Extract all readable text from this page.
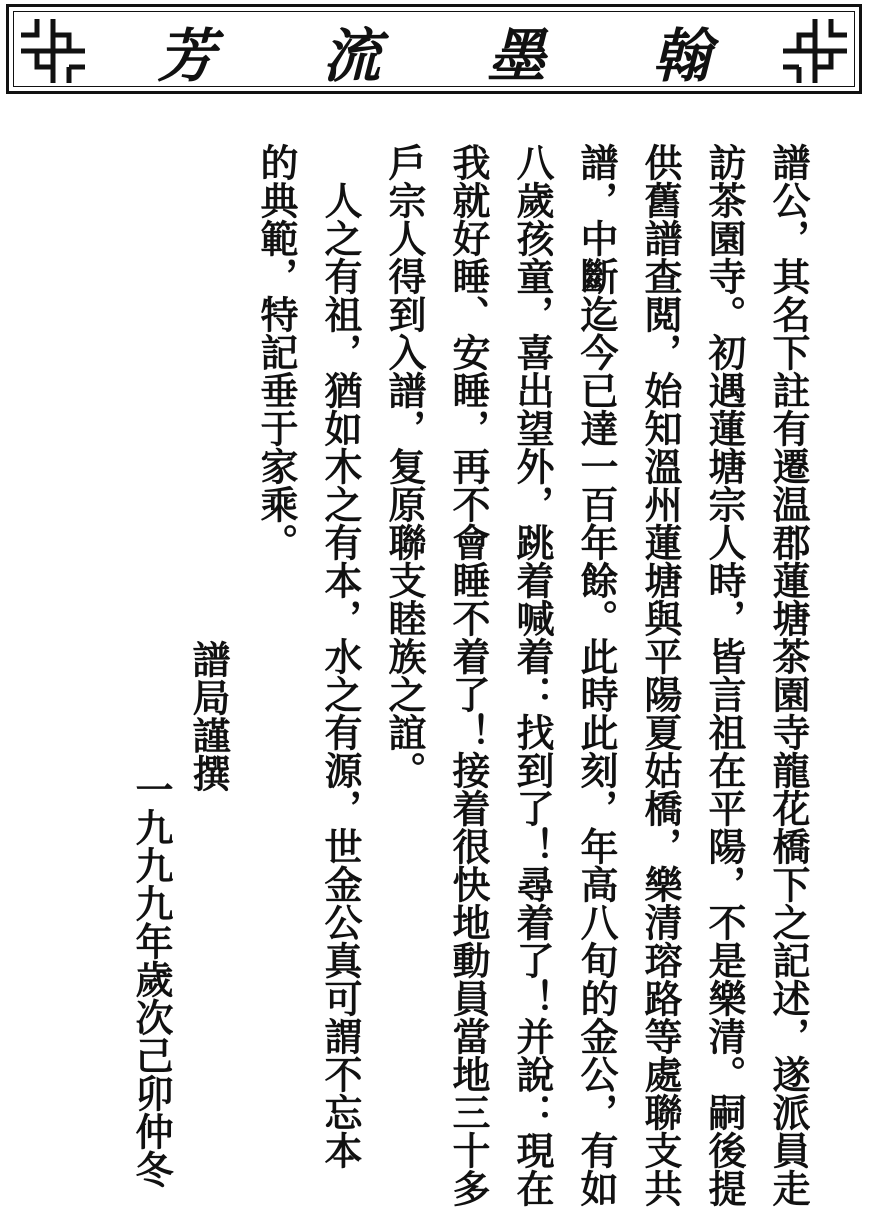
芳 流 墨 翰

譜公，其名下註有遷温郡蓮塘茶園寺龍花橋下之記述，遂派員走

訪茶園寺。初遇蓮塘宗人時，皆言祖在平陽，不是樂清。嗣後提

供舊譜查閲，始知溫州蓮塘與平陽夏姑橋，樂清瑢路等處聯支共

譜，中斷迄今已達一百年餘。此時此刻，年高八旬的金公，有如

八歲孩童，喜出望外，跳着喊着：找到了！尋着了！并說：現在

我就好睡、安睡，再不會睡不着了！接着很快地動員當地三十多

戶宗人得到入譜，复原聯支睦族之誼。

人之有祖，猶如木之有本，水之有源，世金公真可謂不忘本

的典範，特記垂于家乘。

譜局謹撰
一九九九年歲次己卯仲冬
